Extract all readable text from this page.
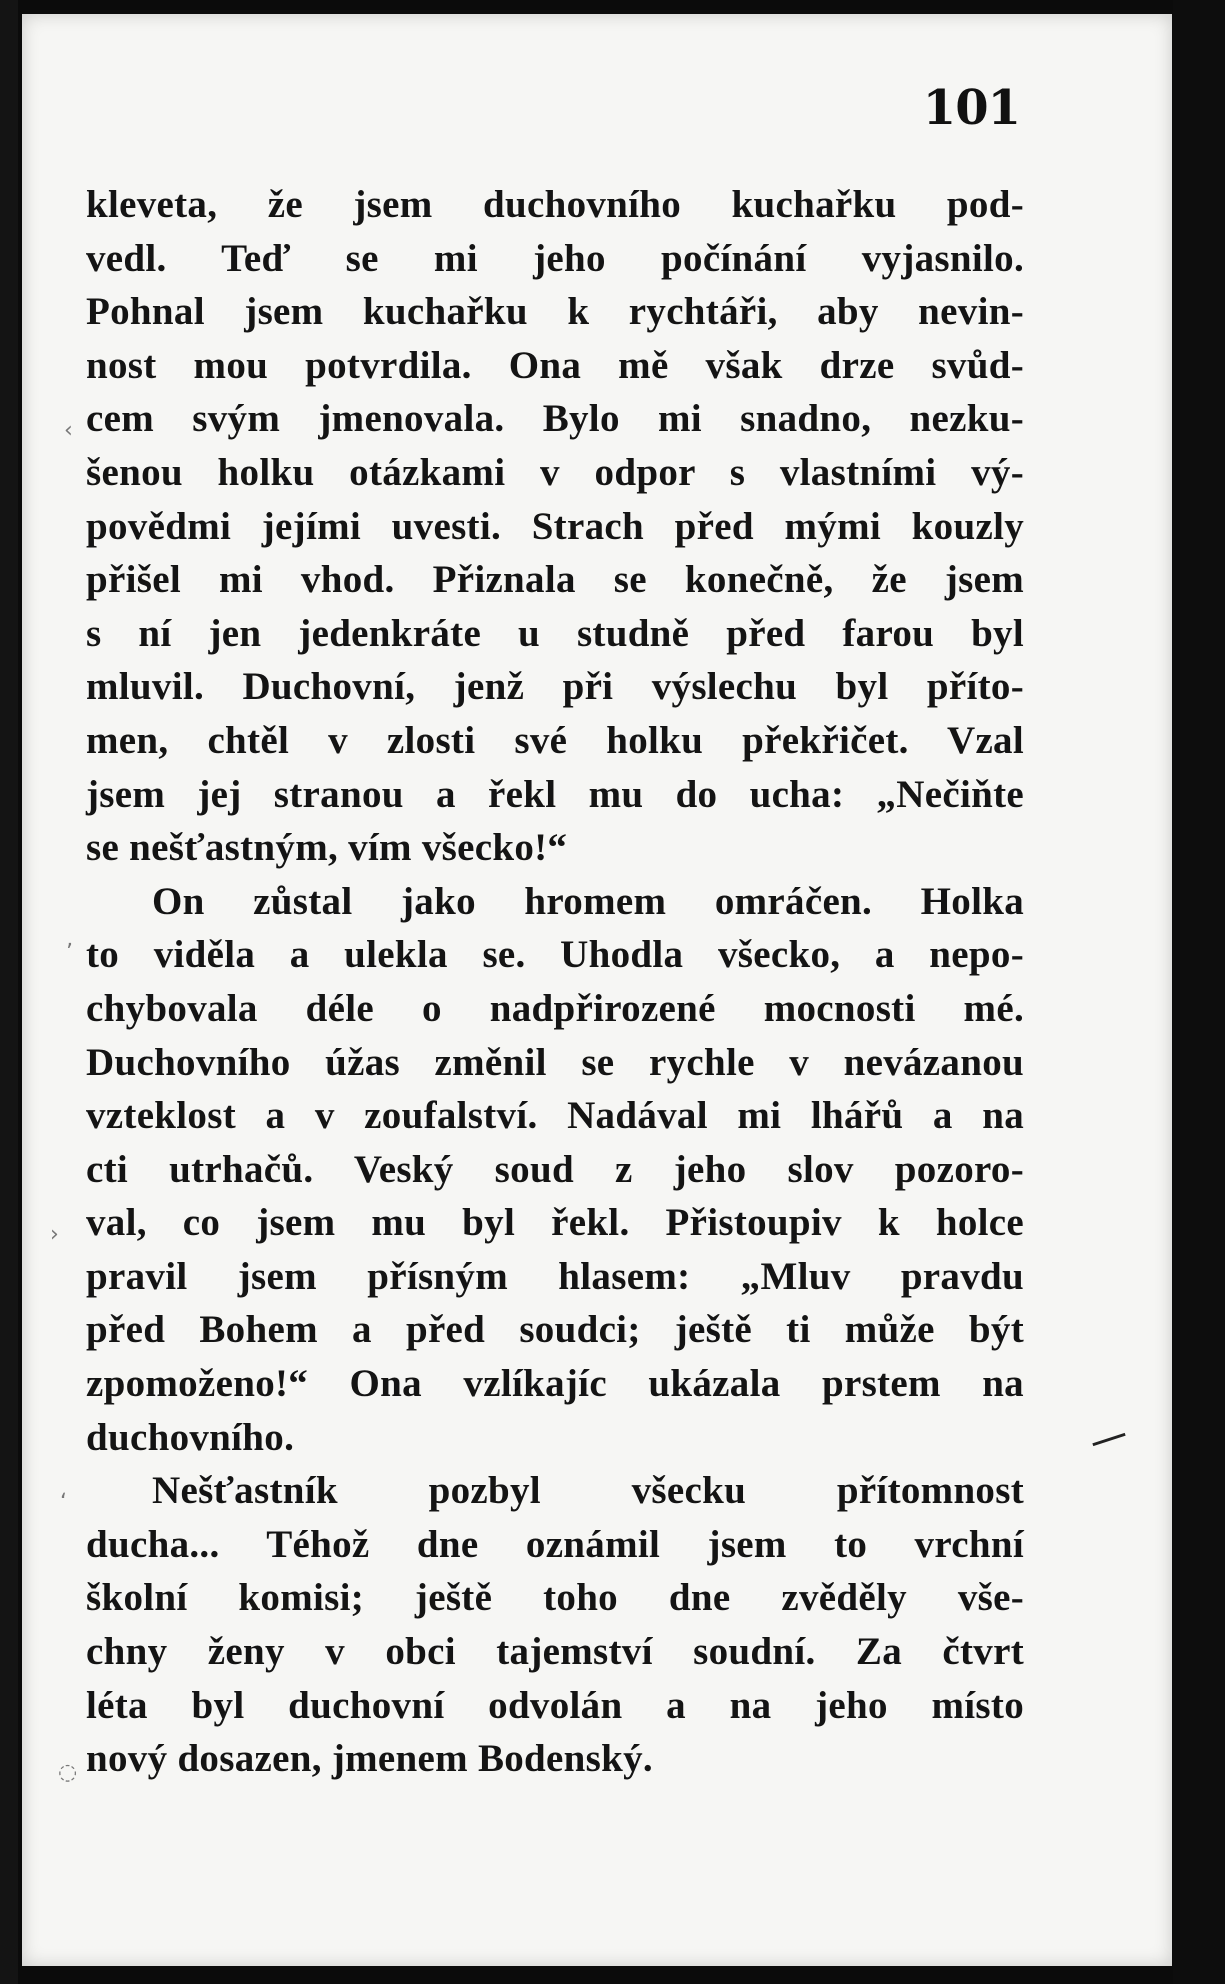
101
kleveta, že jsem duchovního kuchařku pod-
vedl. Teď se mi jeho počínání vyjasnilo.
Pohnal jsem kuchařku k rychtáři, aby nevin-
nost mou potvrdila. Ona mě však drze svůd-
cem svým jmenovala. Bylo mi snadno, nezku-
šenou holku otázkami v odpor s vlastními vý-
povědmi jejími uvesti. Strach před mými kouzly
přišel mi vhod. Přiznala se konečně, že jsem
s ní jen jedenkráte u studně před farou byl
mluvil. Duchovní, jenž při výslechu byl příto-
men, chtěl v zlosti své holku překřičet. Vzal
jsem jej stranou a řekl mu do ucha: „Nečiňte
se nešťastným, vím všecko!“
On zůstal jako hromem omráčen. Holka
to viděla a ulekla se. Uhodla všecko, a nepo-
chybovala déle o nadpřirozené mocnosti mé.
Duchovního úžas změnil se rychle v nevázanou
vzteklost a v zoufalství. Nadával mi lhářů a na
cti utrhačů. Veský soud z jeho slov pozoro-
val, co jsem mu byl řekl. Přistoupiv k holce
pravil jsem přísným hlasem: „Mluv pravdu
před Bohem a před soudci; ještě ti může být
zpomoženo!“ Ona vzlíkajíc ukázala prstem na
duchovního.
Nešťastník pozbyl všecku přítomnost
ducha... Téhož dne oznámil jsem to vrchní
školní komisi; ještě toho dne zvěděly vše-
chny ženy v obci tajemství soudní. Za čtvrt
léta byl duchovní odvolán a na jeho místo
nový dosazen, jmenem Bodenský.
‹
ʼ
›
ʻ
◌
